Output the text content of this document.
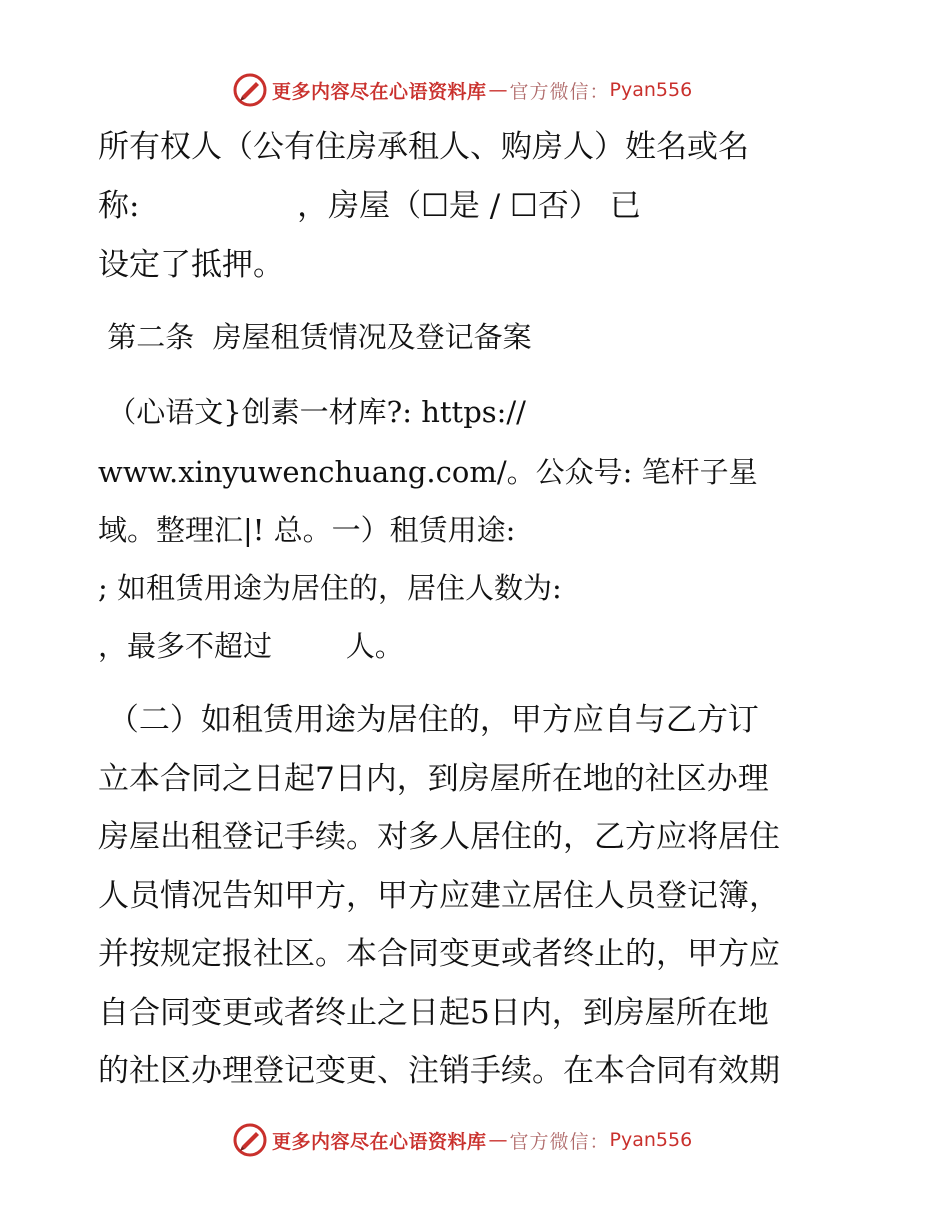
更多内容尽在心语资料库 — 官方微信： Pyan556
所有权人（公有住房承租人、购房人）姓名或名
称:                ，房屋（☐是 / ☐否） 已
设定了抵押。
第二条  房屋租赁情况及登记备案
（心语文}创素一材库?: https://
www.xinyuwenchuang.com/。公众号: 笔杆子星
域。整理汇|! 总。一）租赁用途:
; 如租赁用途为居住的，居住人数为:
，最多不超过        人。
（二）如租赁用途为居住的，甲方应自与乙方订
立本合同之日起7日内，到房屋所在地的社区办理
房屋出租登记手续。对多人居住的，乙方应将居住
人员情况告知甲方，甲方应建立居住人员登记簿，
并按规定报社区。本合同变更或者终止的，甲方应
自合同变更或者终止之日起5日内，到房屋所在地
的社区办理登记变更、注销手续。在本合同有效期
更多内容尽在心语资料库 — 官方微信： Pyan556
